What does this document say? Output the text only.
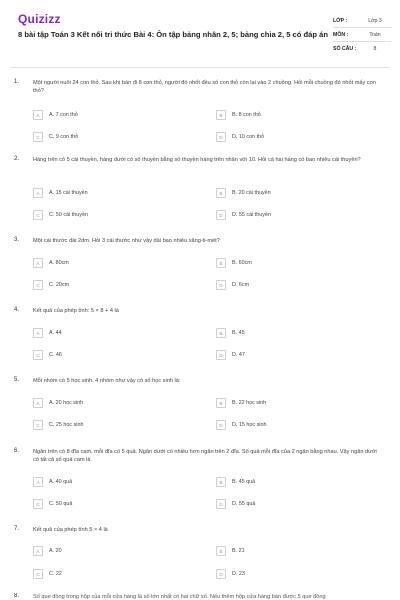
Quizizz
8 bài tập Toán 3 Kết nối tri thức Bài 4: Ôn tập bảng nhân 2, 5; bảng chia 2, 5 có đáp án
LỚP :	Lớp 3
MÔN :	Toán
SỐ CÂU :	8
1. Một người nuôi 24 con thỏ. Sau khi bán đi 8 con thỏ, người đó nhốt đều số con thỏ còn lại vào 2 chuồng. Hỏi mỗi chuồng đó nhốt mấy con thỏ?
A	A. 7 con thỏ	B	B. 8 con thỏ
C	C. 9 con thỏ	D	D. 10 con thỏ
2. Hàng trên có 5 cái thuyền, hàng dưới có số thuyền bằng số thuyền hàng trên nhân với 10. Hỏi cả hai hàng có bao nhiêu cái thuyền?
A	A. 15 cái thuyền	B	B. 20 cái thuyền
C	C. 50 cái thuyền	D	D. 55 cái thuyền
3. Một cái thước dài 2dm. Hỏi 3 cái thước như vậy dài bao nhiêu xăng-ti-mét?
A	A. 80cm	B	B. 60cm
C	C. 20cm	D	D. 6cm
4. Kết quả của phép tính: 5 × 8 + 4 là
A	A. 44	B	B. 45
C	C. 46	D	D. 47
5. Mỗi nhóm có 5 học sinh. 4 nhóm như vậy có số học sinh là:
A	A. 20 học sinh	B	B. 22 học sinh
C	C. 25 học sinh	D	D. 15 học sinh
6. Ngăn trên có 8 đĩa cam, mỗi đĩa có 5 quả. Ngăn dưới có nhiều hơn ngăn trên 2 đĩa. Số quả mỗi đĩa của 2 ngăn bằng nhau. Vậy ngăn dưới có tất cả số quả cam là
A	A. 40 quả	B	B. 45 quả
C	C. 50 quả	D	D. 55 quả
7. Kết quả của phép tính 5 × 4 là
A	A. 20	B	B. 21
C	C. 22	D	D. 23
8. Số que đồng trong hộp của mỗi cửa hàng là số lớn nhất có hai chữ số. Nếu thêm hộp cửa hàng bán được 5 que đồng
